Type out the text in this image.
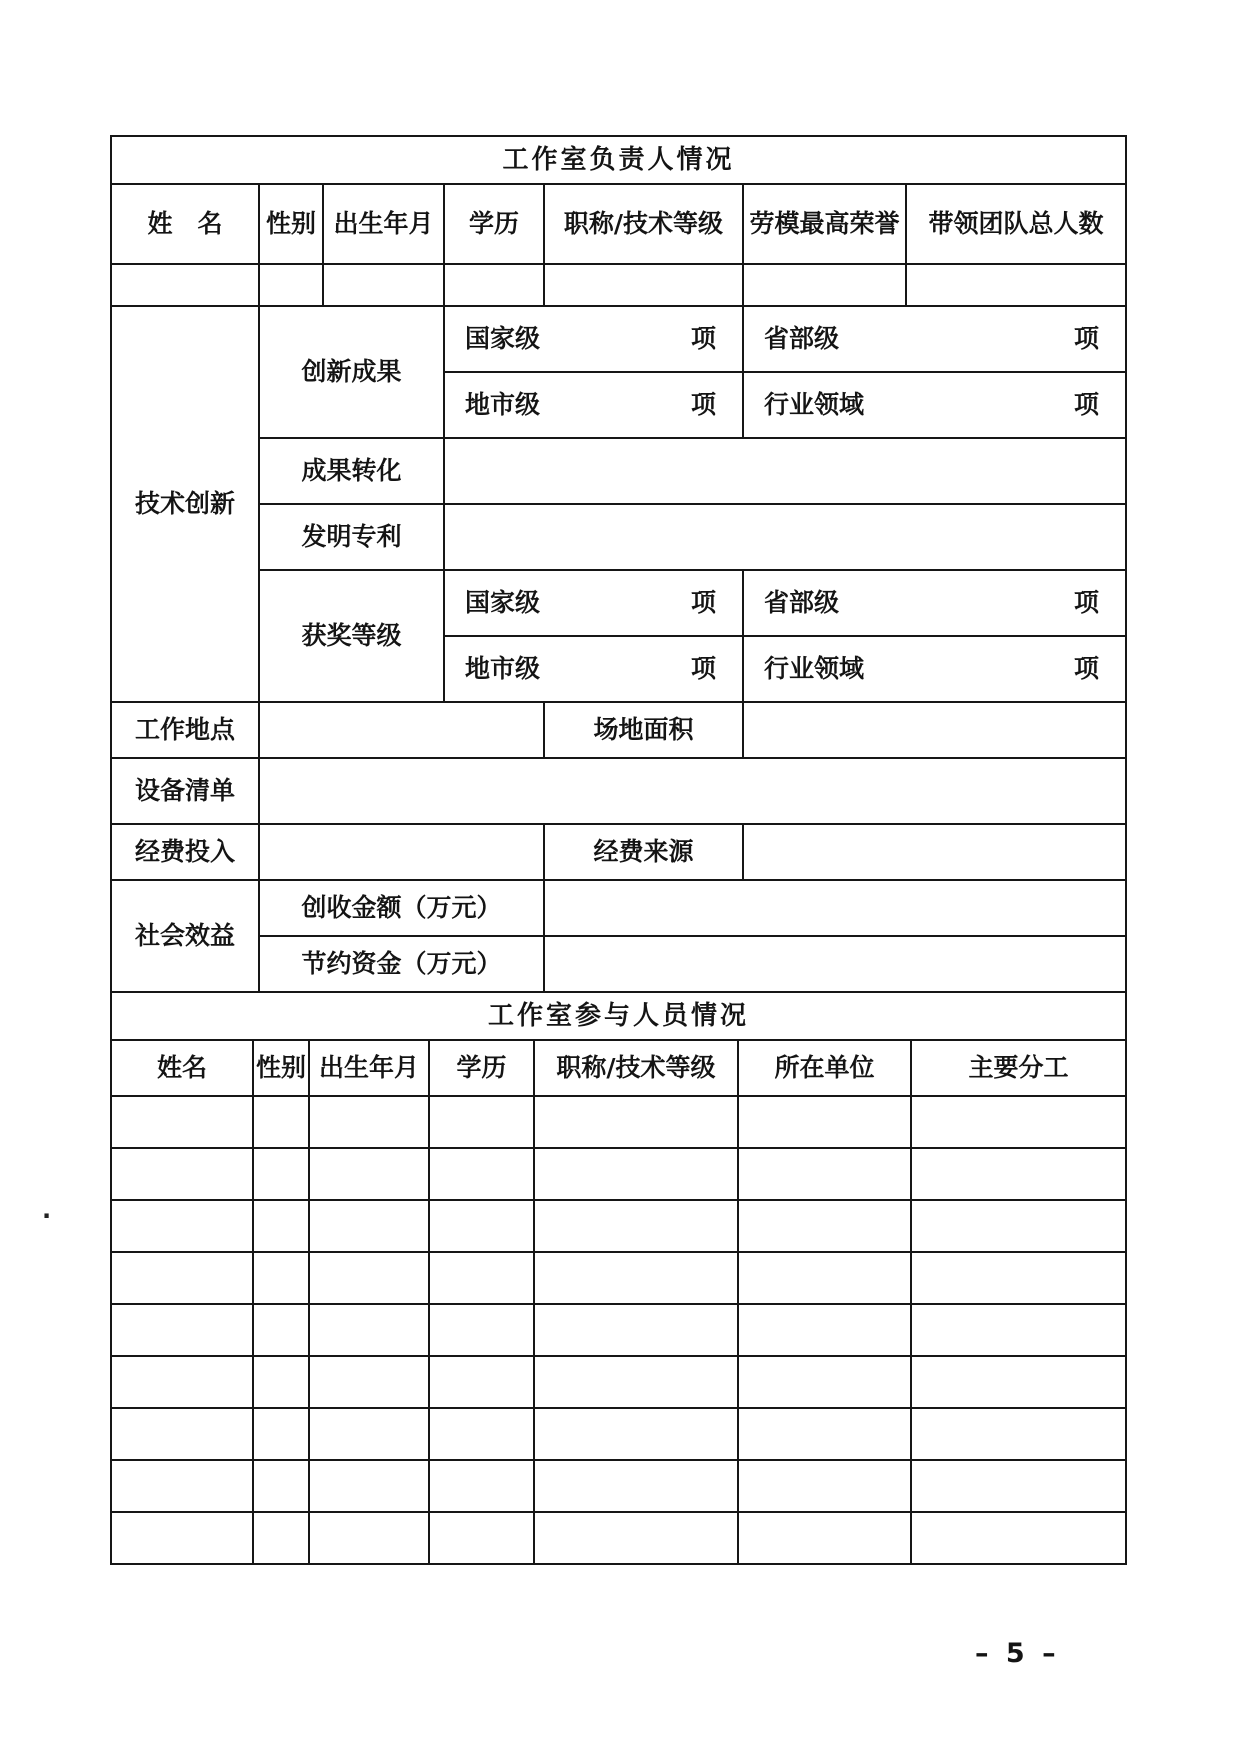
工作室负责人情况						
姓　名	性别	出生年月	学历	职称/技术等级	劳模最高荣誉	带领团队总人数

技术创新	创新成果		国家级 项		省部级 项	

			地市级 项		行业领域 项	

	成果转化					
	发明专利					
	获奖等级		国家级 项		省部级 项	

			地市级 项		行业领域 项	

工作地点				场地面积		
设备清单						
经费投入				经费来源		
社会效益	创收金额（万元）					
	节约资金（万元）					
工作室参与人员情况						
姓名	性别	出生年月	学历	职称/技术等级	所在单位	主要分工

.
– 5 –
